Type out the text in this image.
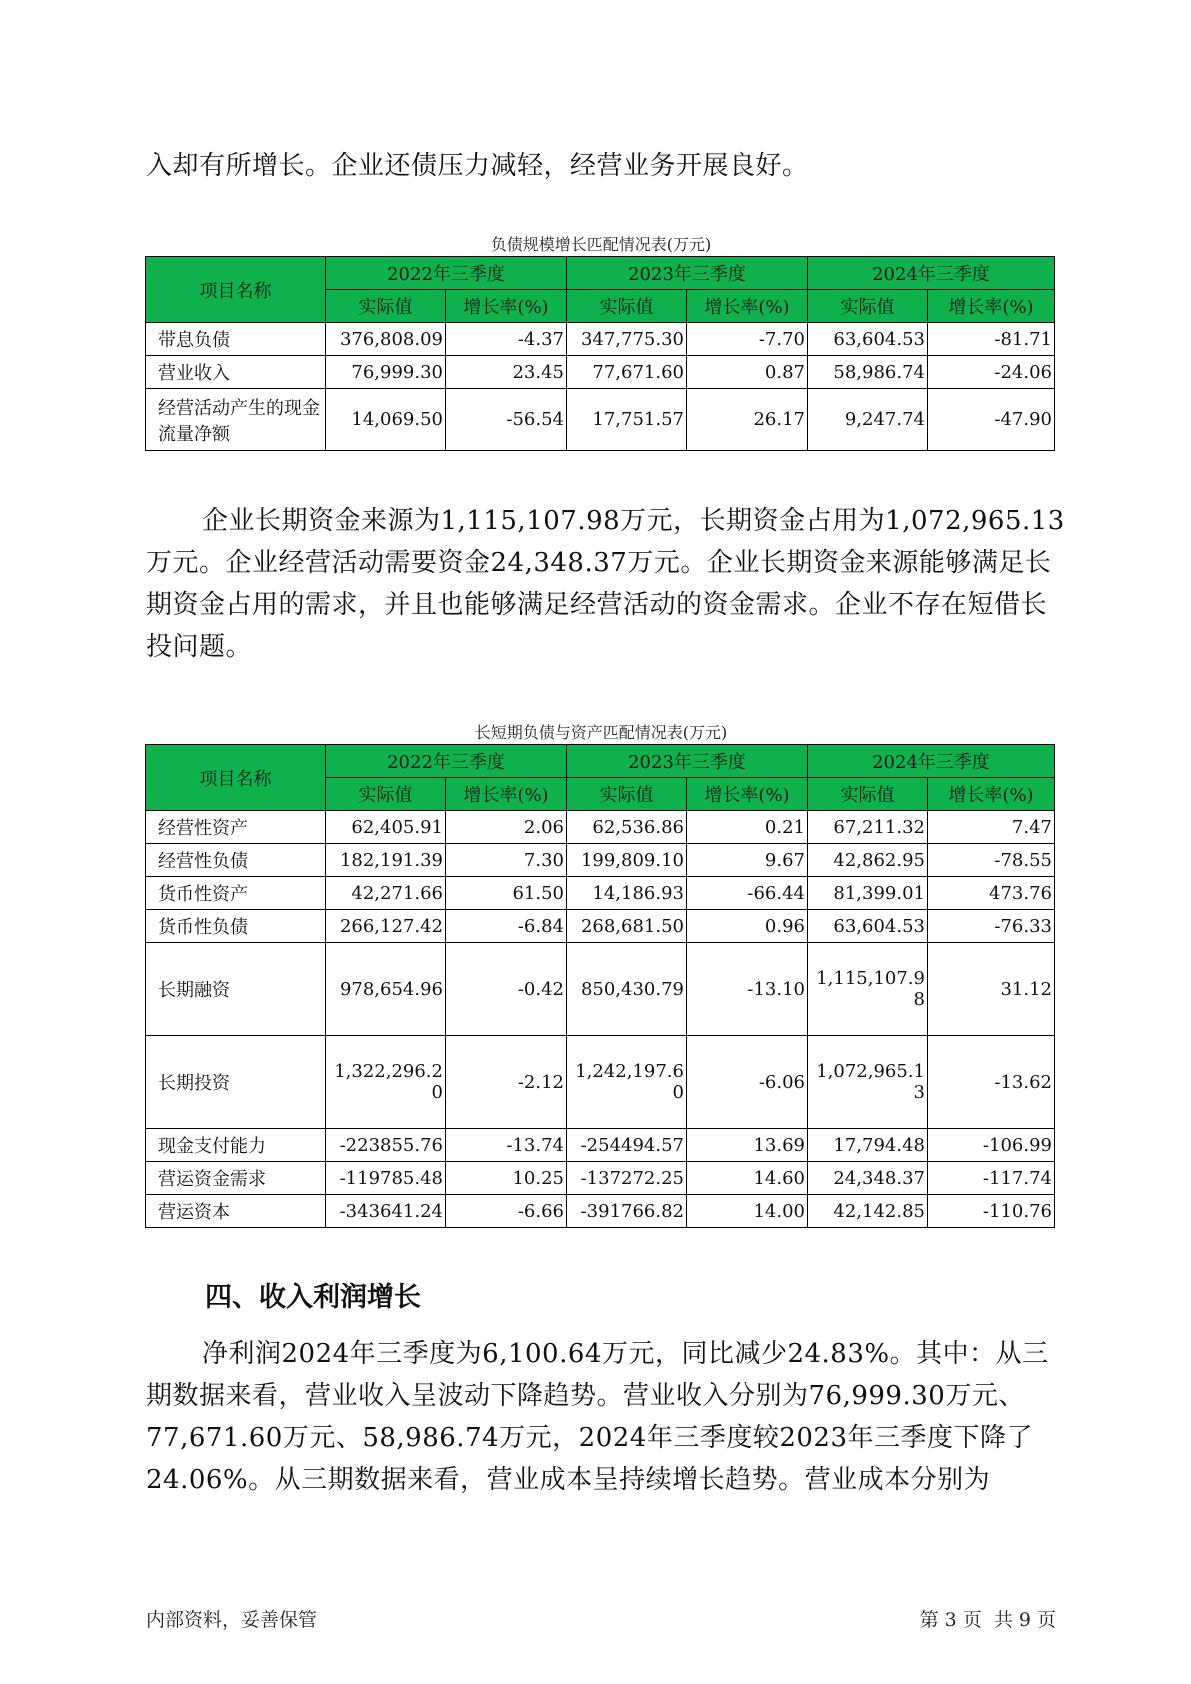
入却有所增长。企业还债压力减轻，经营业务开展良好。

负债规模增长匹配情况表(万元)
项目名称	2022年三季度		2023年三季度		2024年三季度	
	实际值	增长率(%)	实际值	增长率(%)	实际值	增长率(%)
带息负债	376,808.09	-4.37	347,775.30	-7.70	63,604.53	-81.71
营业收入	76,999.30	23.45	77,671.60	0.87	58,986.74	-24.06
经营活动产生的现金流量净额	14,069.50	-56.54	17,751.57	26.17	9,247.74	-47.90

企业长期资金来源为1,115,107.98万元，长期资金占用为1,072,965.13万元。企业经营活动需要资金24,348.37万元。企业长期资金来源能够满足长期资金占用的需求，并且也能够满足经营活动的资金需求。企业不存在短借长投问题。

长短期负债与资产匹配情况表(万元)
项目名称	2022年三季度		2023年三季度		2024年三季度	
	实际值	增长率(%)	实际值	增长率(%)	实际值	增长率(%)
经营性资产	62,405.91	2.06	62,536.86	0.21	67,211.32	7.47
经营性负债	182,191.39	7.30	199,809.10	9.67	42,862.95	-78.55
货币性资产	42,271.66	61.50	14,186.93	-66.44	81,399.01	473.76
货币性负债	266,127.42	-6.84	268,681.50	0.96	63,604.53	-76.33
长期融资	978,654.96	-0.42	850,430.79	-13.10	1,115,107.98	31.12
长期投资	1,322,296.20	-2.12	1,242,197.60	-6.06	1,072,965.13	-13.62
现金支付能力	-223855.76	-13.74	-254494.57	13.69	17,794.48	-106.99
营运资金需求	-119785.48	10.25	-137272.25	14.60	24,348.37	-117.74
营运资本	-343641.24	-6.66	-391766.82	14.00	42,142.85	-110.76
四、收入利润增长

净利润2024年三季度为6,100.64万元，同比减少24.83%。其中：从三期数据来看，营业收入呈波动下降趋势。营业收入分别为76,999.30万元、77,671.60万元、58,986.74万元，2024年三季度较2023年三季度下降了24.06%。从三期数据来看，营业成本呈持续增长趋势。营业成本分别为

内部资料，妥善保管	第 3 页  共 9 页
